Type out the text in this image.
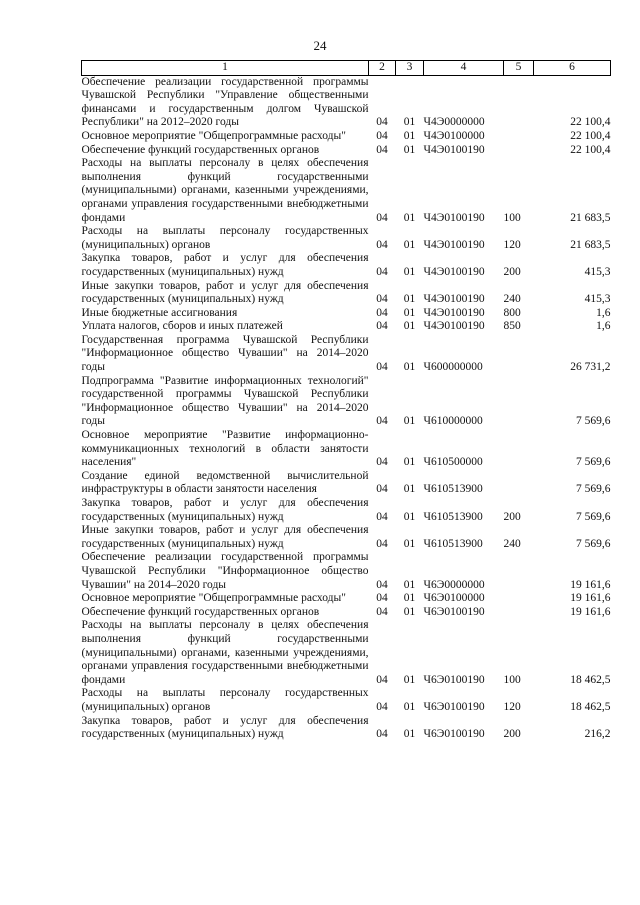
24
1	2	3	4	5	6
Обеспечение реализации государственной программы Чувашской Республики "Управление общественными финансами и государственным долгом Чувашской Республики" на 2012–2020 годы	04	01	Ч4Э0000000		22 100,4
Основное мероприятие "Общепрограммные расходы"	04	01	Ч4Э0100000		22 100,4
Обеспечение функций государственных органов	04	01	Ч4Э0100190		22 100,4
Расходы на выплаты персоналу в целях обеспечения выполнения функций государственными (муниципальными) органами, казенными учреждениями, органами управления государственными внебюджетными фондами	04	01	Ч4Э0100190	100	21 683,5
Расходы на выплаты персоналу государственных (муниципальных) органов	04	01	Ч4Э0100190	120	21 683,5
Закупка товаров, работ и услуг для обеспечения государственных (муниципальных) нужд	04	01	Ч4Э0100190	200	415,3
Иные закупки товаров, работ и услуг для обеспечения государственных (муниципальных) нужд	04	01	Ч4Э0100190	240	415,3
Иные бюджетные ассигнования	04	01	Ч4Э0100190	800	1,6
Уплата налогов, сборов и иных платежей	04	01	Ч4Э0100190	850	1,6
Государственная программа Чувашской Республики "Информационное общество Чувашии" на 2014–2020 годы	04	01	Ч600000000		26 731,2
Подпрограмма "Развитие информационных технологий" государственной программы Чувашской Республики "Информационное общество Чувашии" на 2014–2020 годы	04	01	Ч610000000		7 569,6
Основное мероприятие "Развитие информационно-коммуникационных технологий в области занятости населения"	04	01	Ч610500000		7 569,6
Создание единой ведомственной вычислительной инфраструктуры в области занятости населения	04	01	Ч610513900		7 569,6
Закупка товаров, работ и услуг для обеспечения государственных (муниципальных) нужд	04	01	Ч610513900	200	7 569,6
Иные закупки товаров, работ и услуг для обеспечения государственных (муниципальных) нужд	04	01	Ч610513900	240	7 569,6
Обеспечение реализации государственной программы Чувашской Республики "Информационное общество Чувашии" на 2014–2020 годы	04	01	Ч6Э0000000		19 161,6
Основное мероприятие "Общепрограммные расходы"	04	01	Ч6Э0100000		19 161,6
Обеспечение функций государственных органов	04	01	Ч6Э0100190		19 161,6
Расходы на выплаты персоналу в целях обеспечения выполнения функций государственными (муниципальными) органами, казенными учреждениями, органами управления государственными внебюджетными фондами	04	01	Ч6Э0100190	100	18 462,5
Расходы на выплаты персоналу государственных (муниципальных) органов	04	01	Ч6Э0100190	120	18 462,5
Закупка товаров, работ и услуг для обеспечения государственных (муниципальных) нужд	04	01	Ч6Э0100190	200	216,2
